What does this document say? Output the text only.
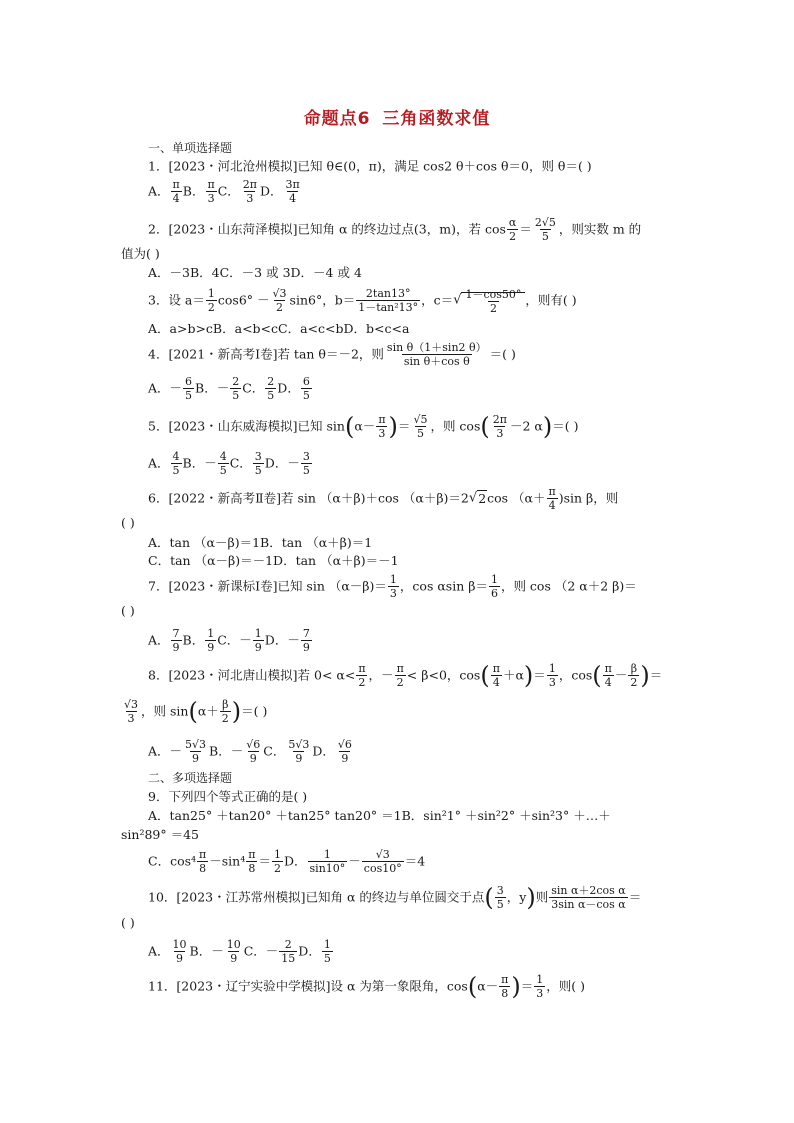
命题点6 三角函数求值
一、单项选择题
1．[2023・河北沧州模拟]已知 θ∈(0，π)，满足 cos2 θ＋cos θ＝0，则 θ＝( )
A． $\frac{\pi}{4}$ B． $\frac{\pi}{3}$ C． $\frac{2\pi}{3}$ D． $\frac{3\pi}{4}$
2．[2023・山东菏泽模拟]已知角 α 的终边过点(3，m)，若 $\cos \frac{\alpha}{2} = \frac{2√5}{5}$ ，则实数 m 的
值为( )
A．－3B．4C．－3 或 3D．－4 或 4
3．设 $a= \frac{1}{2} \cos 6^\circ - \frac{√3}{2} \sin 6^\circ$，$b= \frac{2\tan 13^\circ}{\text{1－tan²13°}}$ ，$c=√ \frac{1-\cos 50^\circ}{2}$ ，则有( )
A．a>b>cB．a<b<cC．a<c<bD．b<c<a
4．[2021・新高考Ⅰ卷]若 tan θ＝－2，则 $\frac{\text{sin θ（1＋sin2 θ）}}{\text{sin θ＋cos θ}}$ ＝( )
A．－ $\frac{6}{5}$ B．－ $\frac{2}{5}$ C． $\frac{2}{5}$ D． $\frac{6}{5}$
5．[2023・山东威海模拟]已知 $\sin(\alpha- \frac{\pi}{3}$ )＝ $\frac{√5}{5}$ ，则 $\cos( \frac{2\pi}{3} -2$ α)＝( )
A． $\frac{4}{5}$ B．－ $\frac{4}{5}$ C． $\frac{3}{5}$ D．－ $\frac{3}{5}$
6．[2022・新高考Ⅱ卷]若 sin （α＋β)＋cos （α＋β)＝2√2cos $(\alpha+ \frac{\pi}{4} )\sin$ β，则
( )
A．tan （α－β)＝1B．tan （α＋β)＝1
C．tan （α－β)＝－1D．tan （α＋β)＝－1
7．[2023・新课标Ⅰ卷]已知 $\sin (\alpha-\beta)= \frac{1}{3}$ ，cos αsin $\beta= \frac{1}{6}$ ，则 cos （2 α＋2 β)＝
( )
A． $\frac{7}{9}$ B． $\frac{1}{9}$ C．－ $\frac{1}{9}$ D．－ $\frac{7}{9}$
8．[2023・河北唐山模拟]若 $0< \alpha< \frac{\pi}{2}$ ，－ $\frac{\pi}{2} < \beta<0$，$\cos( \frac{\pi}{4} +\alpha)= \frac{1}{3}$ ，$\cos( \frac{\pi}{4} - \frac{\beta}{2}$ )＝
$\frac{√3}{3}$ ，则 $\sin(\alpha+ \frac{\beta}{2}$ )＝( )
A．－ $\frac{5√3}{9}$ B．－ $\frac{√6}{9}$ C． $\frac{5√3}{9}$ D． $\frac{√6}{9}$
二、多项选择题
9．下列四个等式正确的是( )
A．tan25° ＋tan20° ＋tan25° tan20° ＝1B．sin²1° ＋sin²2° ＋sin²3° ＋…＋
sin²89° ＝45
C．$\cos^4 \frac{\pi}{8} -\sin^4 \frac{\pi}{8} = \frac{1}{2}$ D． $\frac{1}{\sin 10^\circ} - \frac{√3}{\cos 10^\circ} =4$
10．[2023・江苏常州模拟]已知角 α 的终边与单位圆交于点( $\frac{3}{5}$ ，y)则 $\frac{\text{sin α＋2cos α}}{\text{3sin α－cos α}}$ ＝
( )
A． $\frac{10}{9}$ B．－ $\frac{10}{9}$ C．－ $\frac{2}{15}$ D． $\frac{1}{5}$
11．[2023・辽宁实验中学模拟]设 α 为第一象限角，$\cos(\alpha- \frac{\pi}{8}$ )＝ $\frac{1}{3}$ ，则( )
